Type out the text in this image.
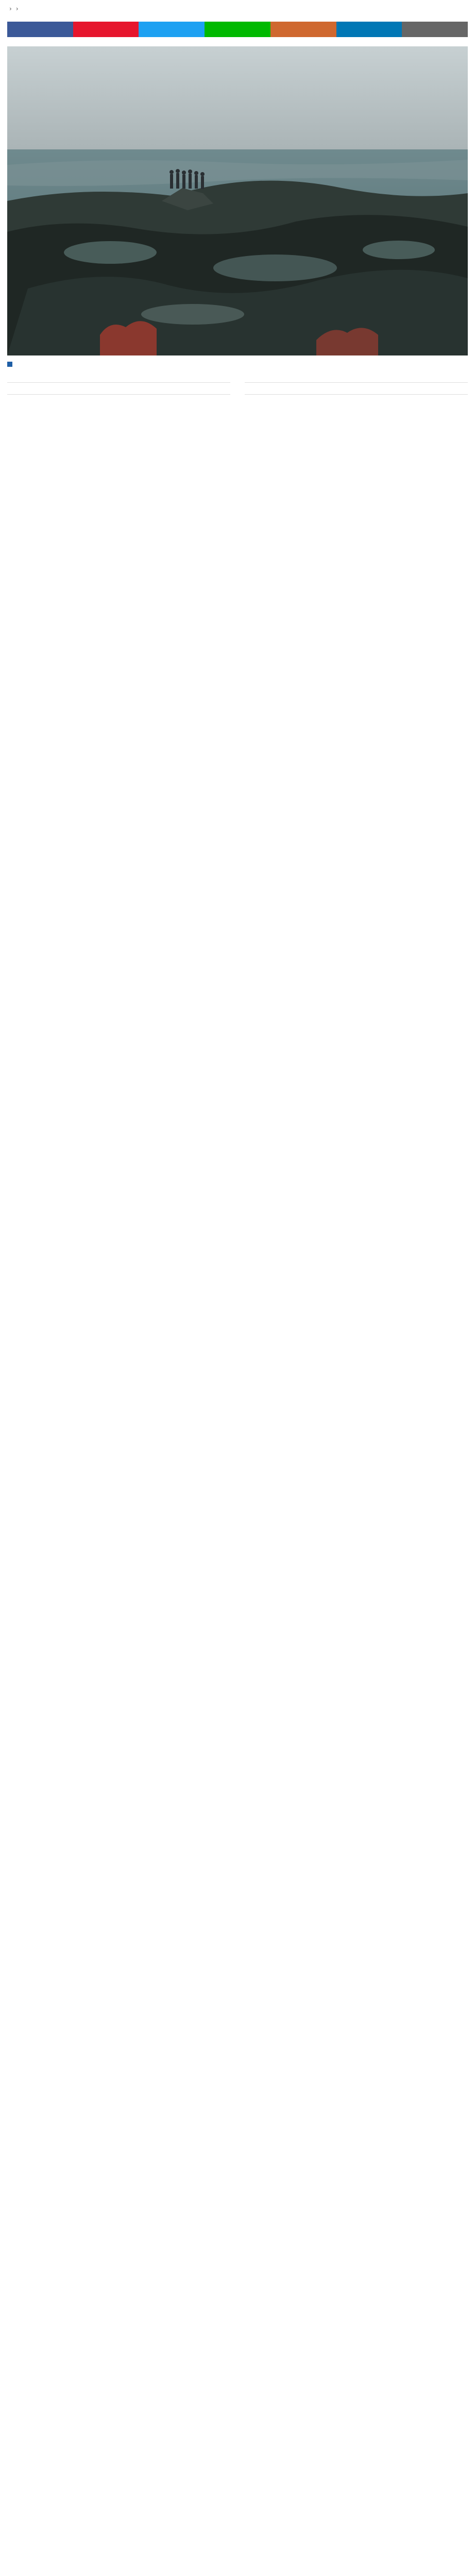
› ›
